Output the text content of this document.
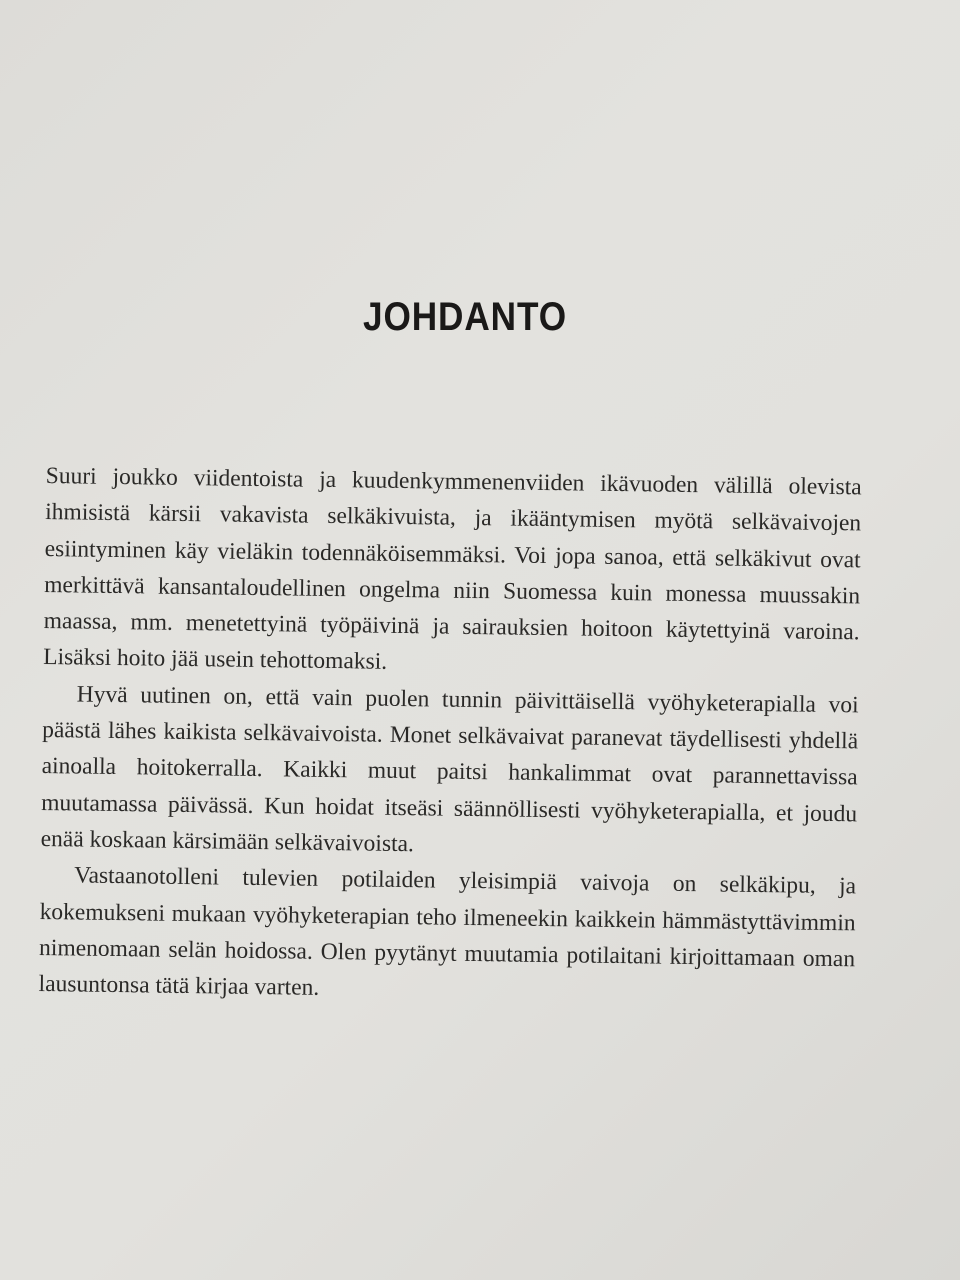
JOHDANTO

Suuri joukko viidentoista ja kuudenkymmenenviiden ikävuoden välillä olevista ihmisistä kärsii vakavista selkäkivuista, ja ikääntymisen myötä selkävaivojen esiintyminen käy vieläkin todennäköisemmäksi. Voi jopa sanoa, että selkäkivut ovat merkittävä kansantaloudellinen ongelma niin Suomessa kuin monessa muussakin maassa, mm. menetettyinä työpäivinä ja sairauksien hoitoon käytettyinä varoina. Lisäksi hoito jää usein tehottomaksi.

Hyvä uutinen on, että vain puolen tunnin päivittäisellä vyöhyketerapialla voi päästä lähes kaikista selkävaivoista. Monet selkävaivat paranevat täydellisesti yhdellä ainoalla hoitokerralla. Kaikki muut paitsi hankalimmat ovat parannettavissa muutamassa päivässä. Kun hoidat itseäsi säännöllisesti vyöhyketerapialla, et joudu enää koskaan kärsimään selkävaivoista.

Vastaanotolleni tulevien potilaiden yleisimpiä vaivoja on selkäkipu, ja kokemukseni mukaan vyöhyketerapian teho ilmeneekin kaikkein hämmästyttävimmin nimenomaan selän hoidossa. Olen pyytänyt muutamia potilaitani kirjoittamaan oman lausuntonsa tätä kirjaa varten.
